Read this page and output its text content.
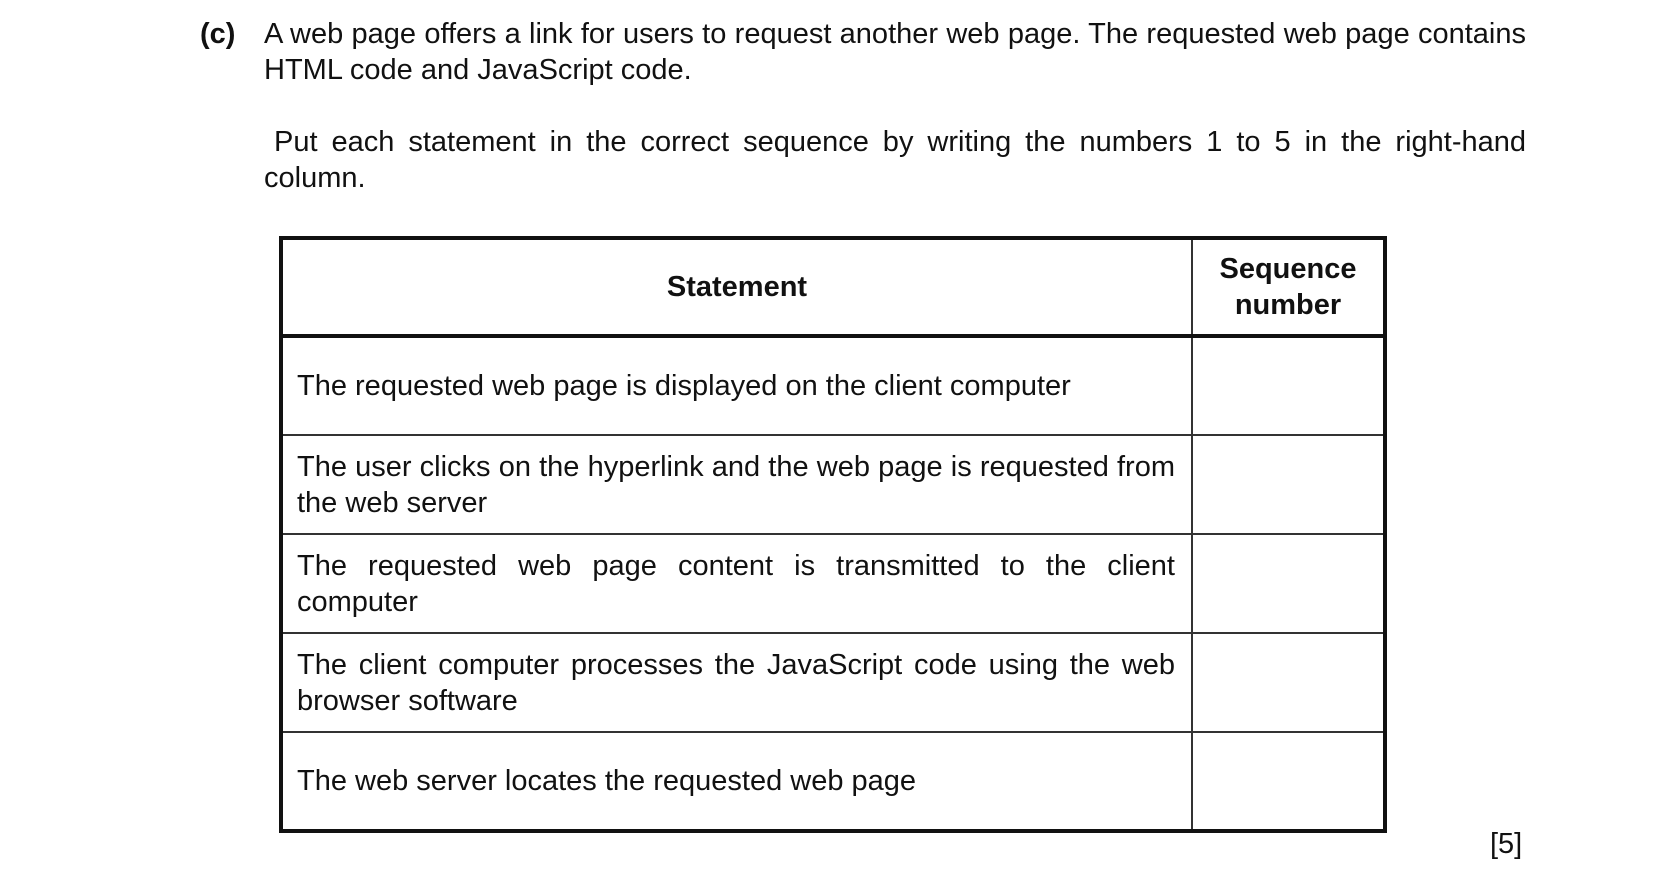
(c) A web page offers a link for users to request another web page. The requested web page contains HTML code and JavaScript code.
Put each statement in the correct sequence by writing the numbers 1 to 5 in the right-hand column.
Statement	Sequence
number
The requested web page is displayed on the client computer	
The user clicks on the hyperlink and the web page is requested from the web server	
The requested web page content is transmitted to the client computer	
The client computer processes the JavaScript code using the web browser software	
The web server locates the requested web page	
[5]
